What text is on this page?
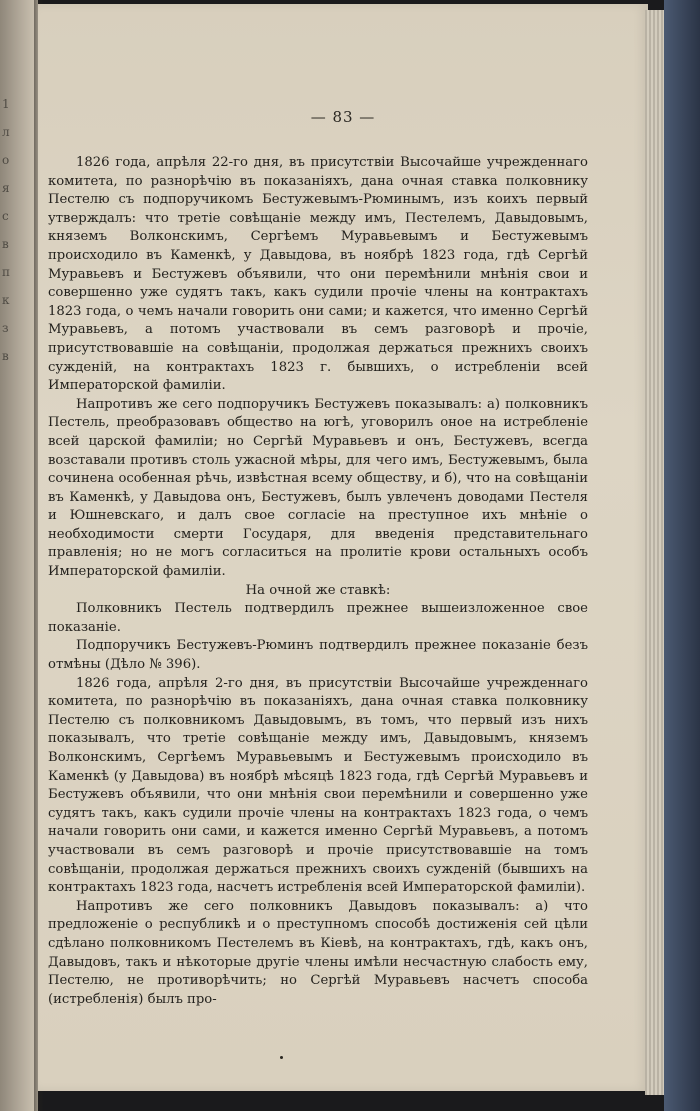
1
л
о
я
с
в
п
к
з
в
— 83 —

1826 года, апрѣля 22-го дня, въ присутствіи Высочайше учрежденнаго комитета, по разнорѣчію въ показаніяхъ, дана очная ставка полковнику Пестелю съ подпоручикомъ Бестужевымъ-Рюминымъ, изъ коихъ первый утверждалъ: что третіе совѣщаніе между имъ, Пестелемъ, Давыдовымъ, княземъ Волконскимъ, Сергѣемъ Муравьевымъ и Бестужевымъ происходило въ Каменкѣ, у Давыдова, въ ноябрѣ 1823 года, гдѣ Сергѣй Муравьевъ и Бестужевъ объявили, что они перемѣнили мнѣнія свои и совершенно уже судятъ такъ, какъ судили прочіе члены на контрактахъ 1823 года, о чемъ начали говорить они сами; и кажется, что именно Сергѣй Муравьевъ, а потомъ участвовали въ семъ разговорѣ и прочіе, присутствовавшіе на совѣщаніи, продолжая держаться прежнихъ своихъ сужденій, на контрактахъ 1823 г. бывшихъ, о истребленіи всей Императорской фамиліи.

Напротивъ же сего подпоручикъ Бестужевъ показывалъ: а) полковникъ Пестель, преобразовавъ общество на югѣ, уговорилъ оное на истребленіе всей царской фамиліи; но Сергѣй Муравьевъ и онъ, Бестужевъ, всегда возставали противъ столь ужасной мѣры, для чего имъ, Бестужевымъ, была сочинена особенная рѣчь, извѣстная всему обществу, и б), что на совѣщаніи въ Каменкѣ, у Давыдова онъ, Бестужевъ, былъ увлеченъ доводами Пестеля и Юшневскаго, и далъ свое согласіе на преступное ихъ мнѣніе о необходимости смерти Государя, для введенія представительнаго правленія; но не могъ согласиться на пролитіе крови остальныхъ особъ Императорской фамиліи.

На очной же ставкѣ:

Полковникъ Пестель подтвердилъ прежнее вышеизложенное свое показаніе.

Подпоручикъ Бестужевъ-Рюминъ подтвердилъ прежнее показаніе безъ отмѣны (Дѣло № 396).

1826 года, апрѣля 2-го дня, въ присутствіи Высочайше учрежденнаго комитета, по разнорѣчію въ показаніяхъ, дана очная ставка полковнику Пестелю съ полковникомъ Давыдовымъ, въ томъ, что первый изъ нихъ показывалъ, что третіе совѣщаніе между имъ, Давыдовымъ, княземъ Волконскимъ, Сергѣемъ Муравьевымъ и Бестужевымъ происходило въ Каменкѣ (у Давыдова) въ ноябрѣ мѣсяцѣ 1823 года, гдѣ Сергѣй Муравьевъ и Бестужевъ объявили, что они мнѣнія свои перемѣнили и совершенно уже судятъ такъ, какъ судили прочіе члены на контрактахъ 1823 года, о чемъ начали говорить они сами, и кажется именно Сергѣй Муравьевъ, а потомъ участвовали въ семъ разговорѣ и прочіе присутствовавшіе на томъ совѣщаніи, продолжая держаться прежнихъ своихъ сужденій (бывшихъ на контрактахъ 1823 года, насчетъ истребленія всей Императорской фамиліи).

Напротивъ же сего полковникъ Давыдовъ показывалъ: а) что предложеніе о республикѣ и о преступномъ способѣ достиженія сей цѣли сдѣлано полковникомъ Пестелемъ въ Кіевѣ, на контрактахъ, гдѣ, какъ онъ, Давыдовъ, такъ и нѣкоторые другіе члены имѣли несчастную слабость ему, Пестелю, не противорѣчить; но Сергѣй Муравьевъ насчетъ способа (истребленія) былъ про-
